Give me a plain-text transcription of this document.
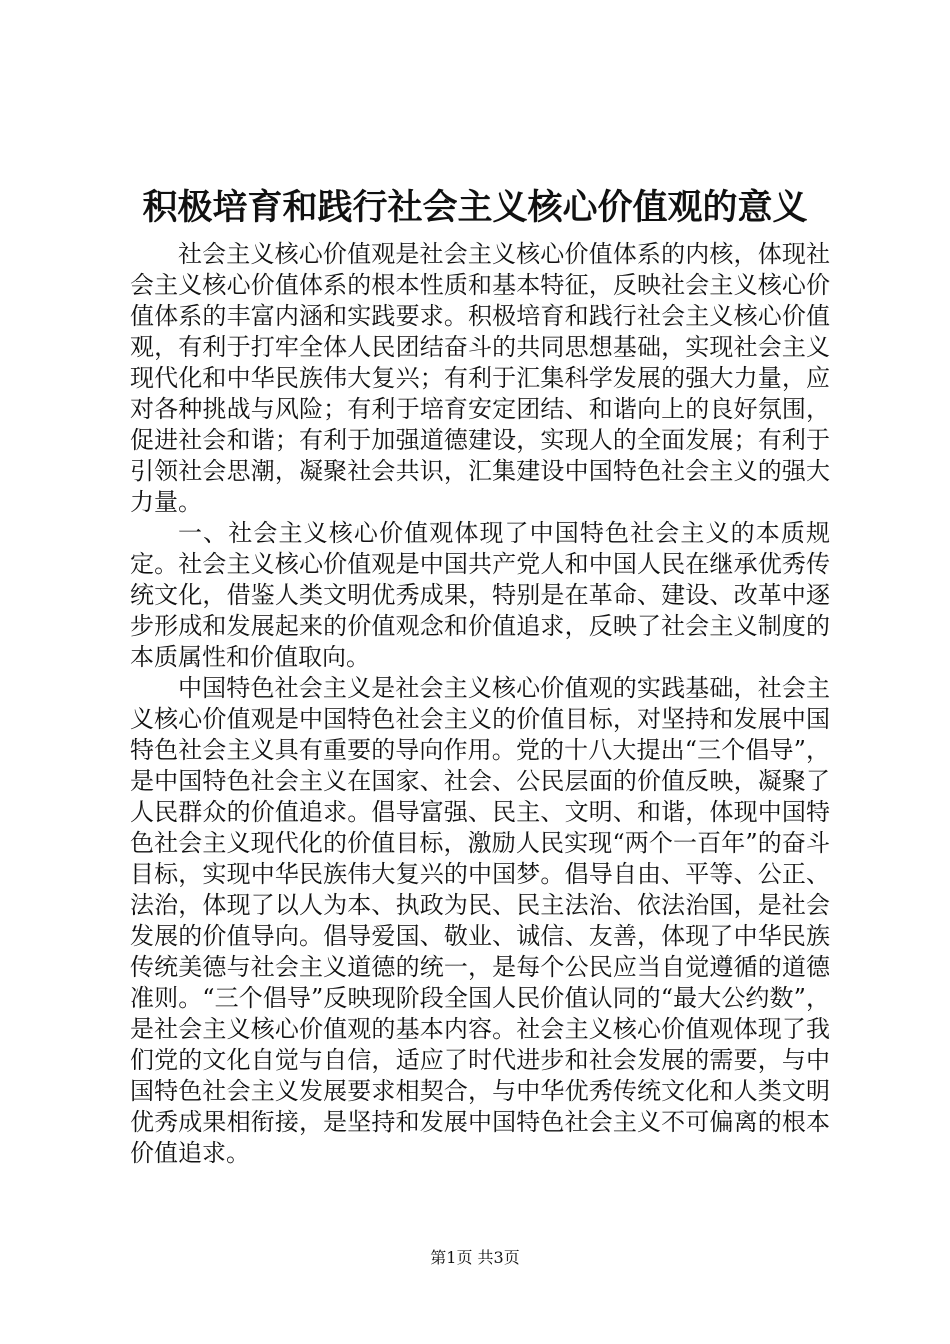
积极培育和践行社会主义核心价值观的意义

社会主义核心价值观是社会主义核心价值体系的内核，体现社会主义核心价值体系的根本性质和基本特征，反映社会主义核心价值体系的丰富内涵和实践要求。积极培育和践行社会主义核心价值观，有利于打牢全体人民团结奋斗的共同思想基础，实现社会主义现代化和中华民族伟大复兴；有利于汇集科学发展的强大力量，应对各种挑战与风险；有利于培育安定团结、和谐向上的良好氛围，促进社会和谐；有利于加强道德建设，实现人的全面发展；有利于引领社会思潮，凝聚社会共识，汇集建设中国特色社会主义的强大力量。

一、社会主义核心价值观体现了中国特色社会主义的本质规定。社会主义核心价值观是中国共产党人和中国人民在继承优秀传统文化，借鉴人类文明优秀成果，特别是在革命、建设、改革中逐步形成和发展起来的价值观念和价值追求，反映了社会主义制度的本质属性和价值取向。

中国特色社会主义是社会主义核心价值观的实践基础，社会主义核心价值观是中国特色社会主义的价值目标，对坚持和发展中国特色社会主义具有重要的导向作用。党的十八大提出“三个倡导”，是中国特色社会主义在国家、社会、公民层面的价值反映，凝聚了人民群众的价值追求。倡导富强、民主、文明、和谐，体现中国特色社会主义现代化的价值目标，激励人民实现“两个一百年”的奋斗目标，实现中华民族伟大复兴的中国梦。倡导自由、平等、公正、法治，体现了以人为本、执政为民、民主法治、依法治国，是社会发展的价值导向。倡导爱国、敬业、诚信、友善，体现了中华民族传统美德与社会主义道德的统一，是每个公民应当自觉遵循的道德准则。“三个倡导”反映现阶段全国人民价值认同的“最大公约数”，是社会主义核心价值观的基本内容。社会主义核心价值观体现了我们党的文化自觉与自信，适应了时代进步和社会发展的需要，与中国特色社会主义发展要求相契合，与中华优秀传统文化和人类文明优秀成果相衔接，是坚持和发展中国特色社会主义不可偏离的根本价值追求。

第1页 共3页
